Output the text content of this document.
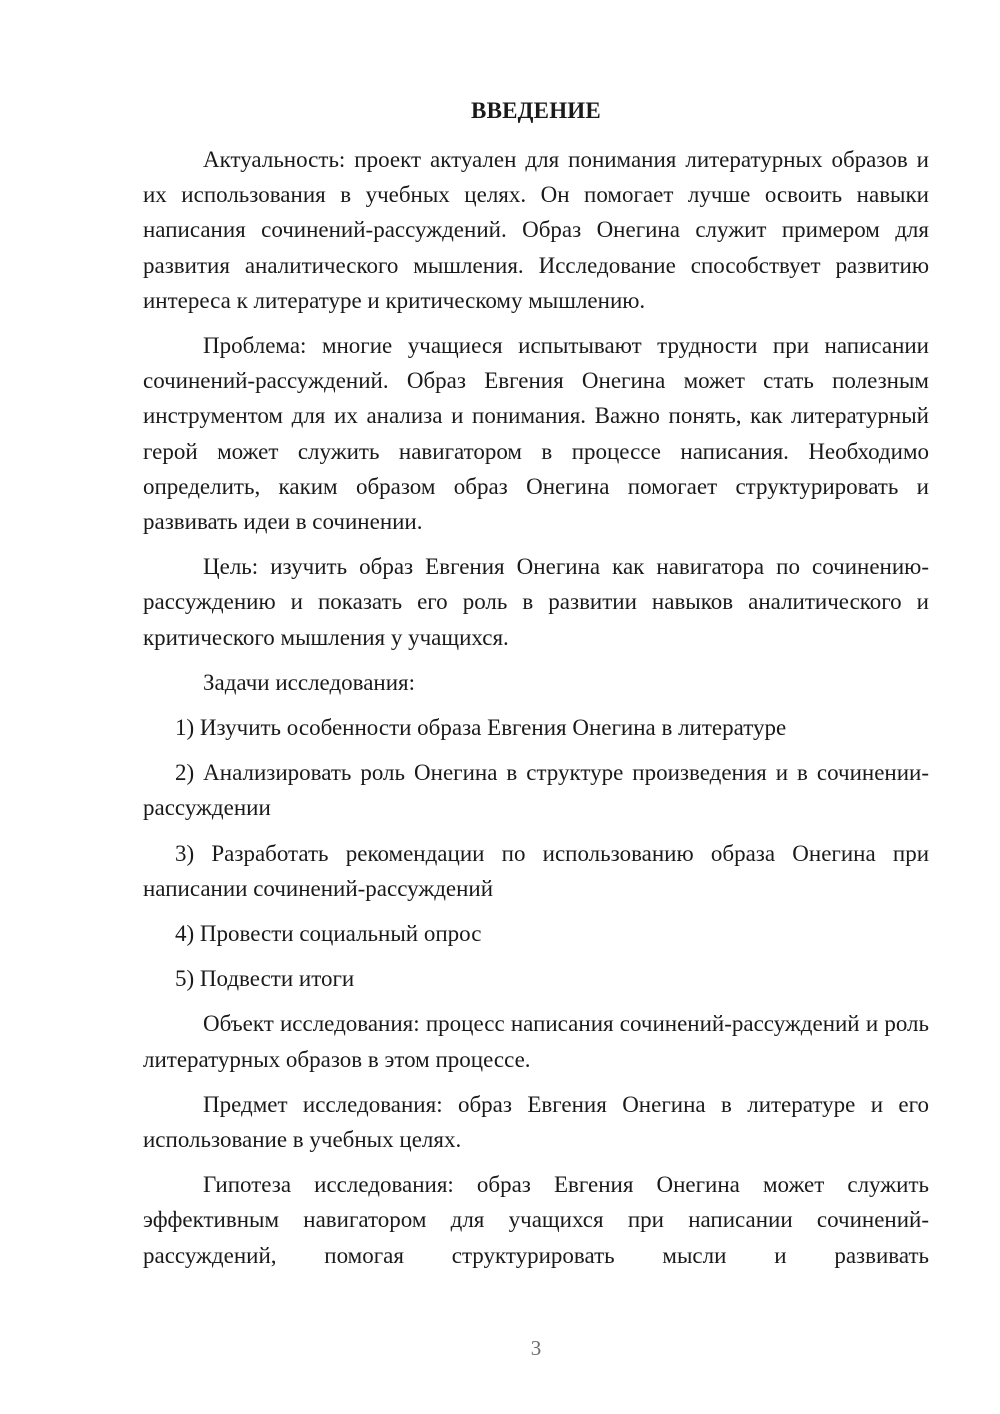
ВВЕДЕНИЕ

Актуальность: проект актуален для понимания литературных образов и их использования в учебных целях. Он помогает лучше освоить навыки написания сочинений-рассуждений. Образ Онегина служит примером для развития аналитического мышления. Исследование способствует развитию интереса к литературе и критическому мышлению.

Проблема: многие учащиеся испытывают трудности при написании сочинений-рассуждений. Образ Евгения Онегина может стать полезным инструментом для их анализа и понимания. Важно понять, как литературный герой может служить навигатором в процессе написания. Необходимо определить, каким образом образ Онегина помогает структурировать и развивать идеи в сочинении.

Цель: изучить образ Евгения Онегина как навигатора по сочинению-рассуждению и показать его роль в развитии навыков аналитического и критического мышления у учащихся.

Задачи исследования:

1) Изучить особенности образа Евгения Онегина в литературе

2) Анализировать роль Онегина в структуре произведения и в сочинении-рассуждении

3) Разработать рекомендации по использованию образа Онегина при написании сочинений-рассуждений

4) Провести социальный опрос

5) Подвести итоги

Объект исследования: процесс написания сочинений-рассуждений и роль литературных образов в этом процессе.

Предмет исследования: образ Евгения Онегина в литературе и его использование в учебных целях.

Гипотеза исследования: образ Евгения Онегина может служить эффективным навигатором для учащихся при написании сочинений-рассуждений, помогая структурировать мысли и развивать

3
